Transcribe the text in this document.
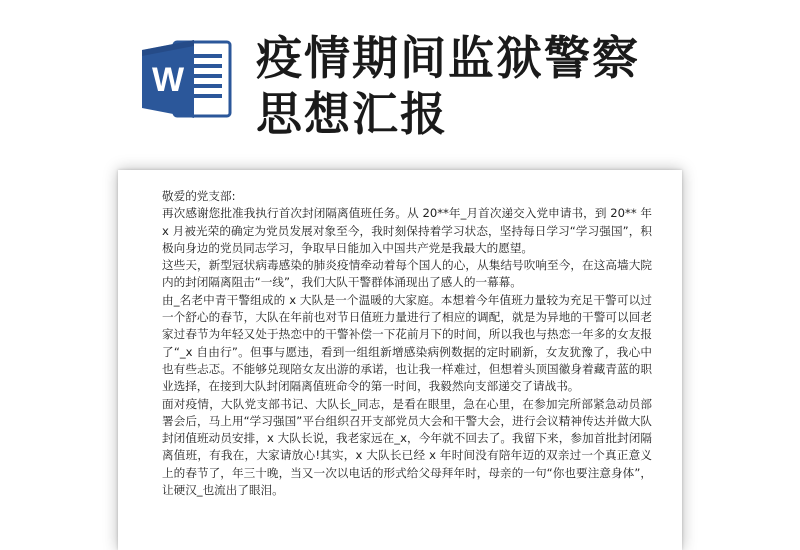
W 疫情期间监狱警察思想汇报

敬爱的党支部:

再次感谢您批准我执行首次封闭隔离值班任务。从 20**年_月首次递交入党申请书，到 20** 年 x 月被光荣的确定为党员发展对象至今，我时刻保持着学习状态，坚持每日学习“学习强国”，积极向身边的党员同志学习，争取早日能加入中国共产党是我最大的愿望。

这些天，新型冠状病毒感染的肺炎疫情牵动着每个国人的心，从集结号吹响至今，在这高墙大院内的封闭隔离阻击“一线”，我们大队干警群体涌现出了感人的一幕幕。

由_名老中青干警组成的 x 大队是一个温暖的大家庭。本想着今年值班力量较为充足干警可以过一个舒心的春节，大队在年前也对节日值班力量进行了相应的调配，就是为异地的干警可以回老家过春节为年轻又处于热恋中的干警补偿一下花前月下的时间，所以我也与热恋一年多的女友报了“_x 自由行”。但事与愿违，看到一组组新增感染病例数据的定时刷新，女友犹豫了，我心中也有些忐忑。不能够兑现陪女友出游的承诺，也让我一样难过，但想着头顶国徽身着藏青蓝的职业选择，在接到大队封闭隔离值班命令的第一时间，我毅然向支部递交了请战书。

面对疫情，大队党支部书记、大队长_同志，是看在眼里，急在心里，在参加完所部紧急动员部署会后，马上用“学习强国”平台组织召开支部党员大会和干警大会，进行会议精神传达并做大队封闭值班动员安排，x 大队长说，我老家远在_x，今年就不回去了。我留下来，参加首批封闭隔离值班，有我在，大家请放心!其实，x 大队长已经 x 年时间没有陪年迈的双亲过一个真正意义上的春节了，年三十晚，当又一次以电话的形式给父母拜年时，母亲的一句“你也要注意身体”，让硬汉_也流出了眼泪。
